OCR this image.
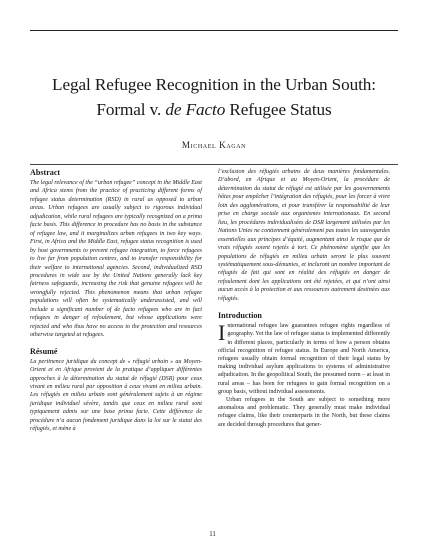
Legal Refugee Recognition in the Urban South:
Formal v. de Facto Refugee Status
Michael Kagan
Abstract

The legal relevance of the “urban refugee” concept in the Middle East and Africa stems from the practice of practicing different forms of refugee status determination (RSD) in rural as opposed to urban areas. Urban refugees are usually subject to rigorous individual adjudication, while rural refugees are typically recognized on a prima facie basis. This difference in procedure has no basis in the substance of refugee law, and it marginalizes urban refugees in two key ways. First, in Africa and the Middle East, refugee status recognition is used by host governments to prevent refugee integration, to force refugees to live far from population centres, and to transfer responsibility for their welfare to international agencies. Second, individualized RSD procedures in wide use by the United Nations generally lack key fairness safeguards, increasing the risk that genuine refugees will be wrongfully rejected. This phenomenon means that urban refugee populations will often be systematically underassisted, and will include a significant number of de facto refugees who are in fact refugees in danger of refoulement, but whose applications were rejected and who thus have no access to the protection and resources otherwise targeted at refugees.

Résumé

La pertinence juridique du concept de « réfugié urbain » au Moyen-Orient et en Afrique provient de la pratique d’appliquer différentes approches à la détermination du statut de réfugié (DSR) pour ceux vivant en milieu rural par opposition à ceux vivant en milieu urbain. Les réfugiés en milieu urbain sont généralement sujets à un régime juridique individuel sévère, tandis que ceux en milieu rural sont typiquement admis sur une base prima facie. Cette différence de procédure n’a aucun fondement juridique dans la loi sur le statut des réfugiés, et mène à

l’exclusion des réfugiés urbains de deux manières fondamentales. D’abord, en Afrique et au Moyen-Orient, la procédure de détermination du statut de réfugié est utilisée par les gouvernements hôtes pour empêcher l’intégration des réfugiés, pour les forcer à vivre loin des agglomérations, et pour transférer la responsabilité de leur prise en charge sociale aux organismes internationaux. En second lieu, les procédures individualisées de DSR largement utilisées par les Nations Unies ne contiennent généralement pas toutes les sauvegardes essentielles aux principes d’équité, augmentant ainsi le risque que de vrais réfugiés soient rejetés à tort. Ce phénomène signifie que les populations de réfugiés en milieu urbain seront le plus souvent systématiquement sous-démunies, et incluront un nombre important de réfugiés de fait qui sont en réalité des réfugiés en danger de refoulement dont les applications ont été rejetées, et qui n’ont ainsi aucun accès à la protection et aux ressources autrement destinées aux réfugiés.

Introduction

International refugee law guarantees refugee rights regardless of geography. Yet the law of refugee status is implemented differently in different places, particularly in terms of how a person obtains official recognition of refugee status. In Europe and North America, refugees usually obtain formal recognition of their legal status by making individual asylum applications to systems of administrative adjudication. In the geopolitical South, the presumed norm – at least in rural areas – has been for refugees to gain formal recognition on a group basis, without individual assessments.

Urban refugees in the South are subject to something more anomalous and problematic. They generally must make individual refugee claims, like their counterparts in the North, but these claims are decided through procedures that gener-

11
